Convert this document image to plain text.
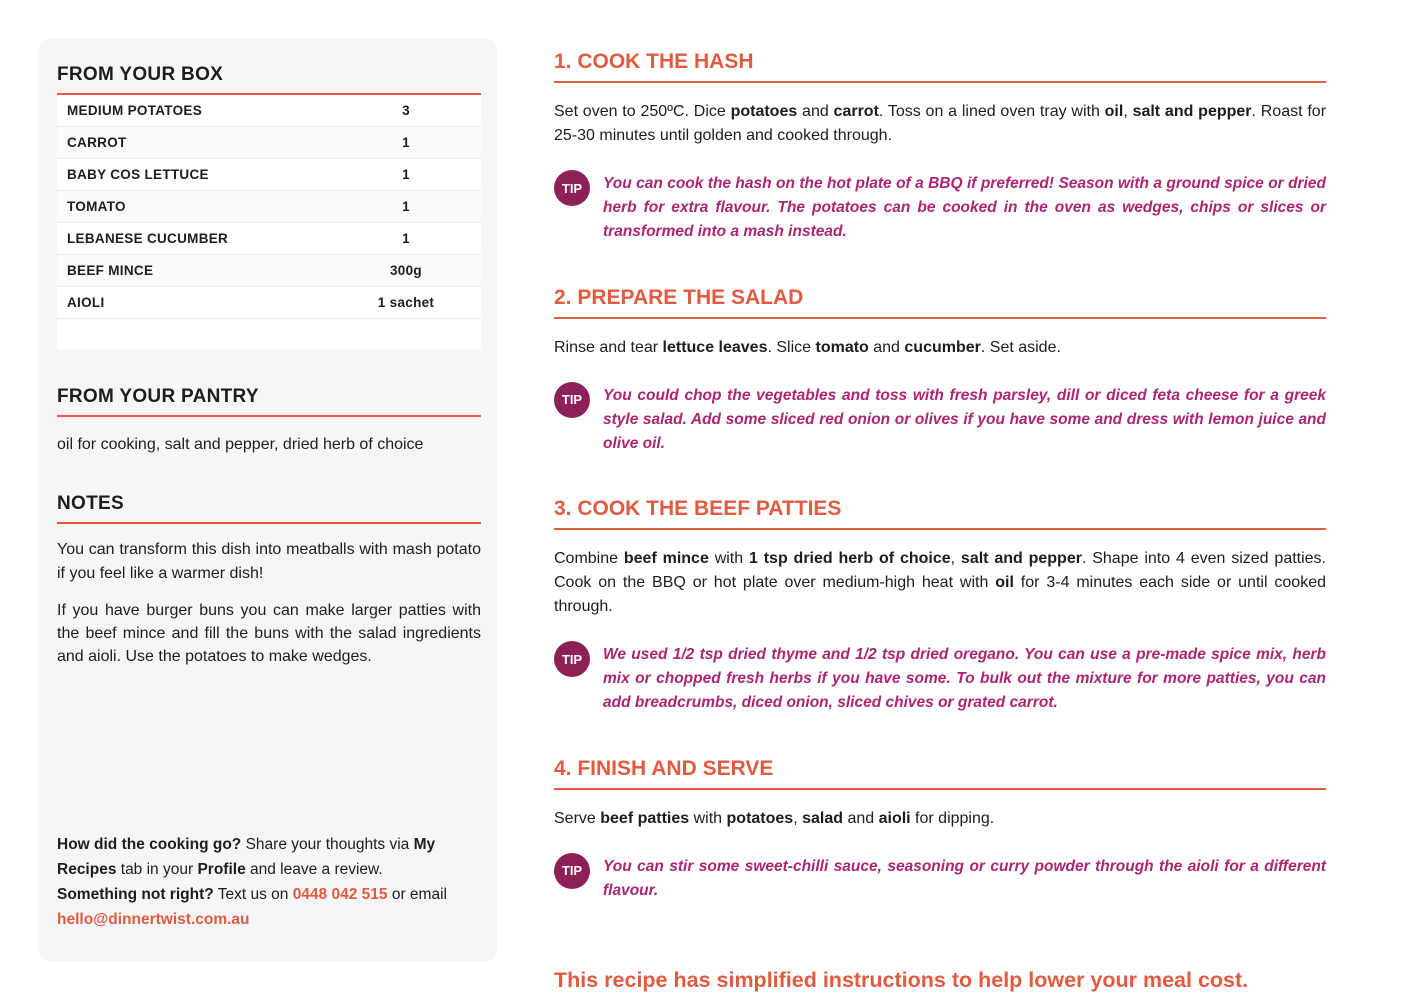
FROM YOUR BOX
MEDIUM POTATOES	3
CARROT	1
BABY COS LETTUCE	1
TOMATO	1
LEBANESE CUCUMBER	1
BEEF MINCE	300g
AIOLI	1 sachet
FROM YOUR PANTRY

oil for cooking, salt and pepper, dried herb of choice

NOTES

You can transform this dish into meatballs with mash potato if you feel like a warmer dish!

If you have burger buns you can make larger patties with the beef mince and fill the buns with the salad ingredients and aioli. Use the potatoes to make wedges.

How did the cooking go? Share your thoughts via My Recipes tab in your Profile and leave a review.

Something not right? Text us on 0448 042 515 or email hello@dinnertwist.com.au

1. COOK THE HASH

Set oven to 250ºC. Dice potatoes and carrot. Toss on a lined oven tray with oil, salt and pepper. Roast for 25-30 minutes until golden and cooked through.

TIP	You can cook the hash on the hot plate of a BBQ if preferred! Season with a ground spice or dried herb for extra flavour. The potatoes can be cooked in the oven as wedges, chips or slices or transformed into a mash instead.

2. PREPARE THE SALAD

Rinse and tear lettuce leaves. Slice tomato and cucumber. Set aside.

TIP	You could chop the vegetables and toss with fresh parsley, dill or diced feta cheese for a greek style salad. Add some sliced red onion or olives if you have some and dress with lemon juice and olive oil.

3. COOK THE BEEF PATTIES

Combine beef mince with 1 tsp dried herb of choice, salt and pepper. Shape into 4 even sized patties. Cook on the BBQ or hot plate over medium-high heat with oil for 3-4 minutes each side or until cooked through.

TIP	We used 1/2 tsp dried thyme and 1/2 tsp dried oregano. You can use a pre-made spice mix, herb mix or chopped fresh herbs if you have some. To bulk out the mixture for more patties, you can add breadcrumbs, diced onion, sliced chives or grated carrot.

4. FINISH AND SERVE

Serve beef patties with potatoes, salad and aioli for dipping.

TIP	You can stir some sweet-chilli sauce, seasoning or curry powder through the aioli for a different flavour.

This recipe has simplified instructions to help lower your meal cost.
